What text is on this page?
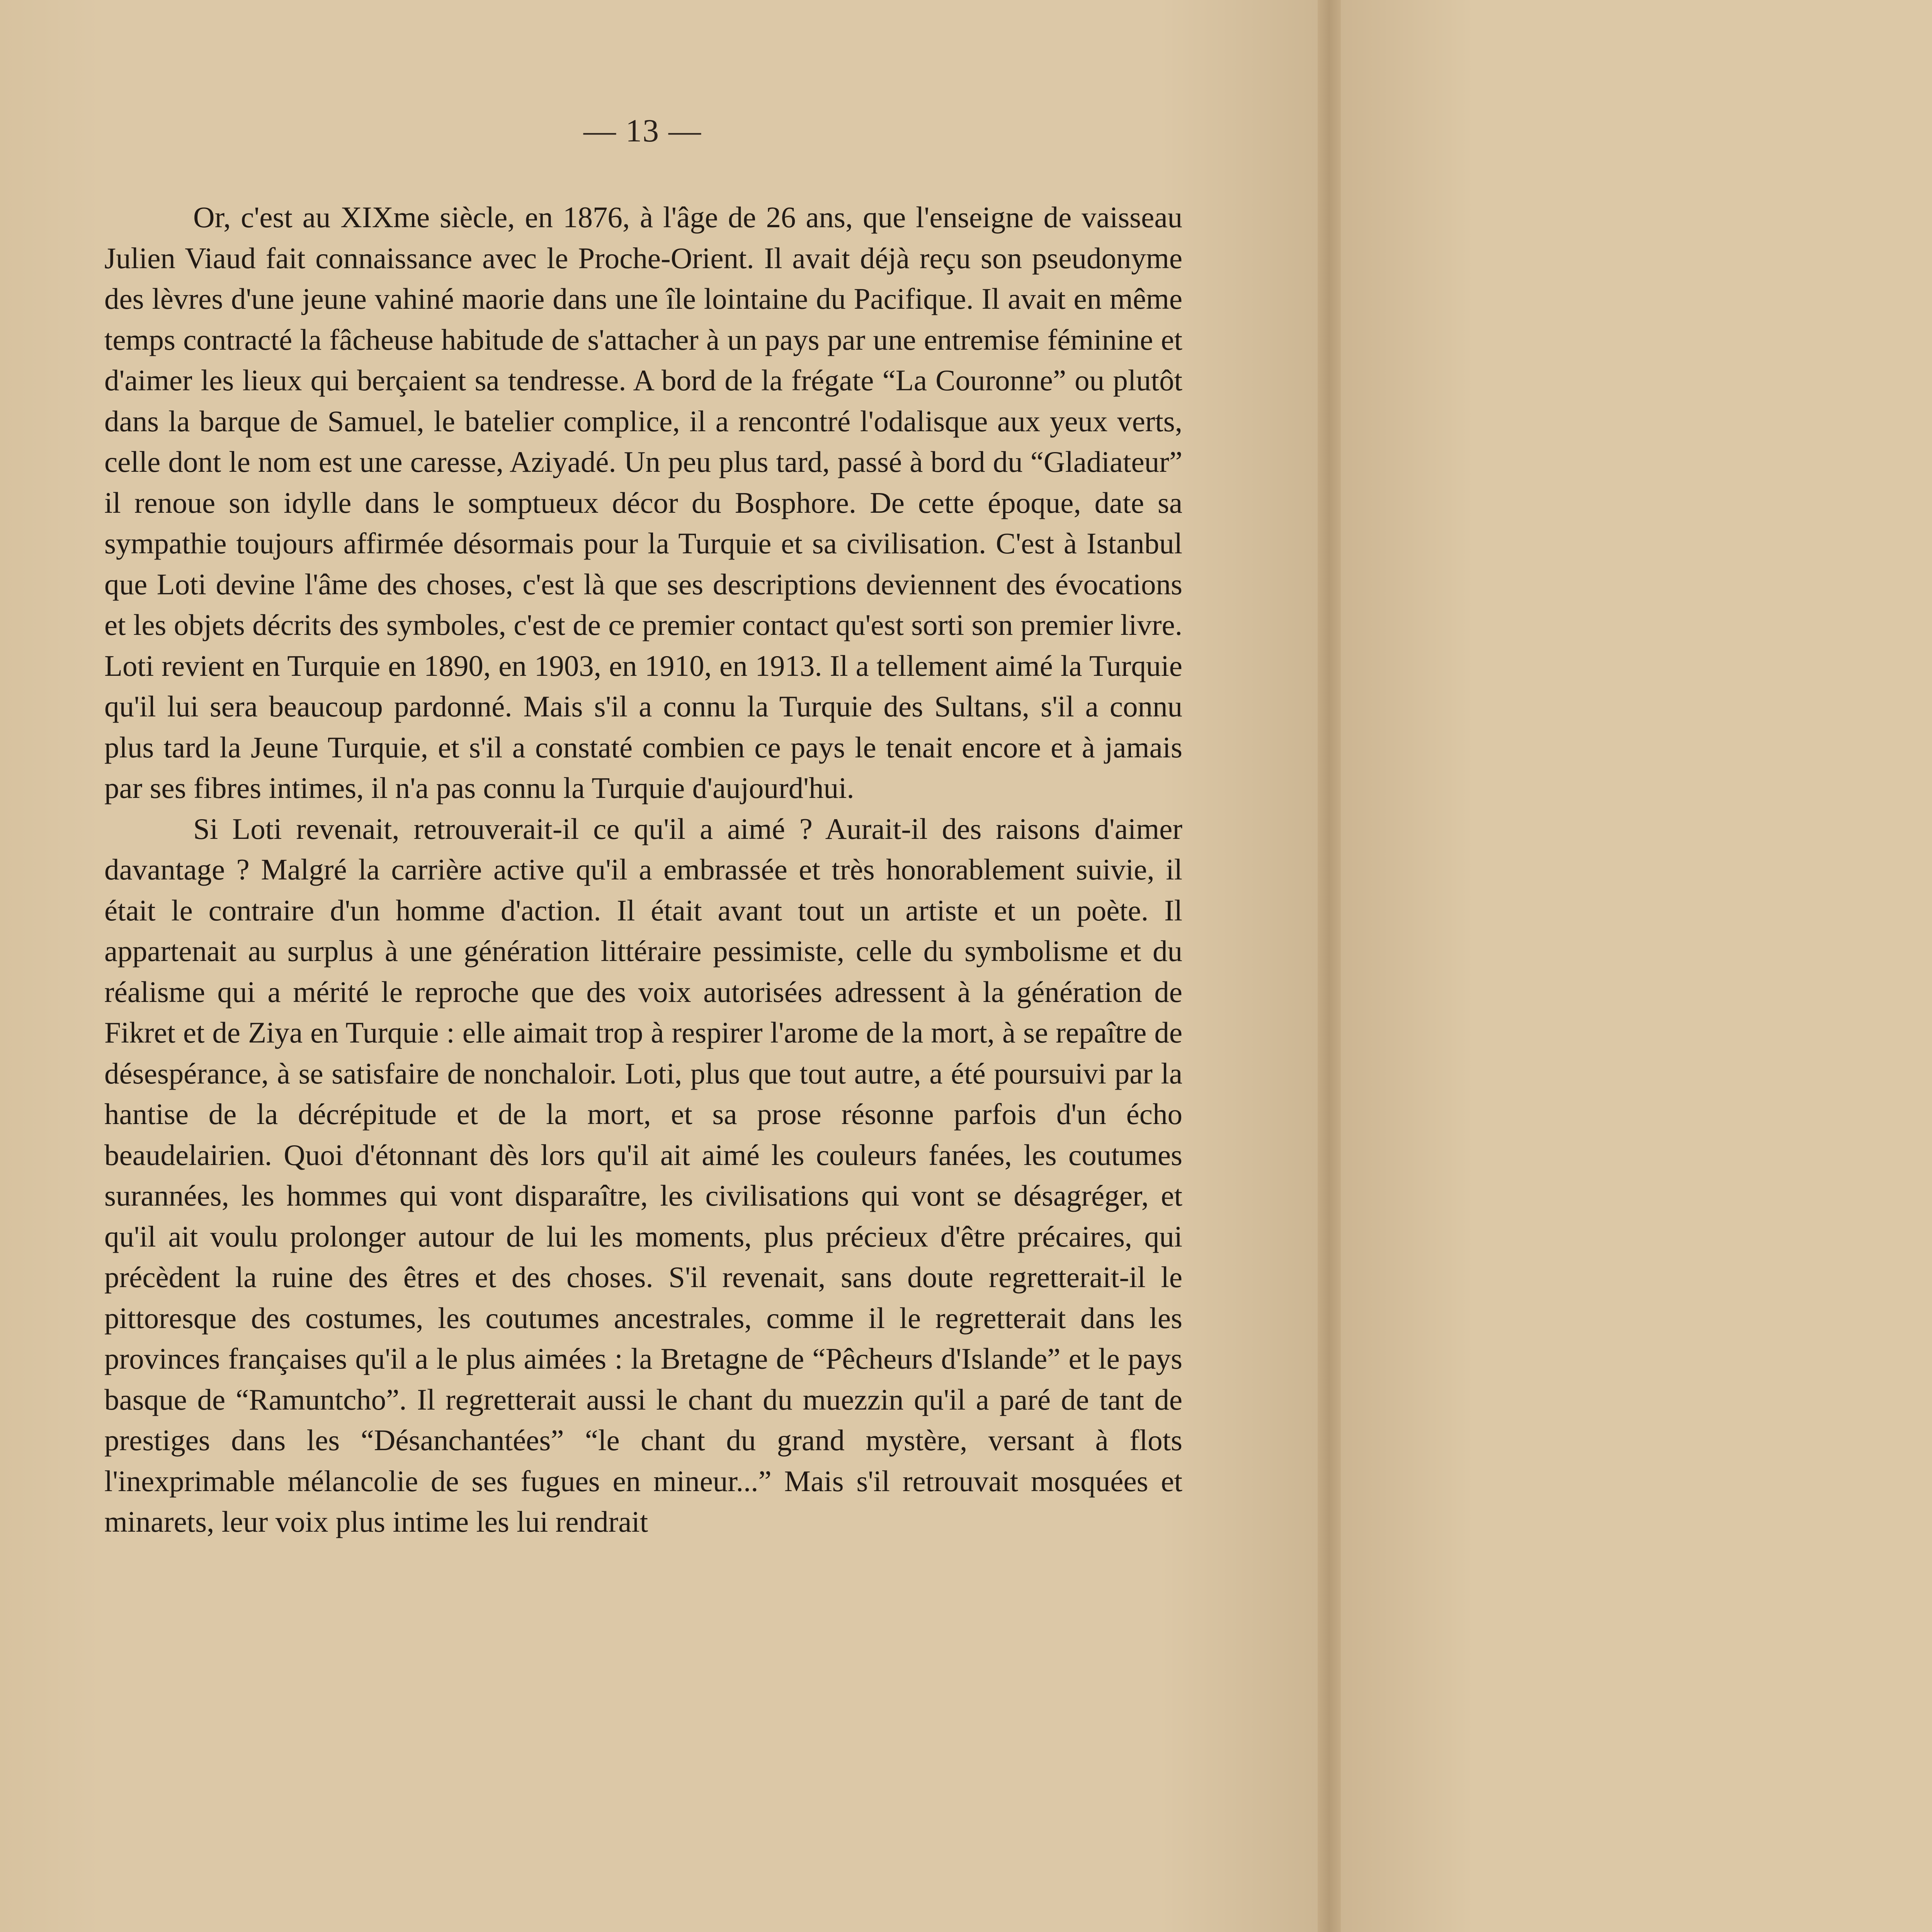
— 13 —

Or, c'est au XIXme siècle, en 1876, à l'âge de 26 ans, que l'enseigne de vaisseau Julien Viaud fait connaissance avec le Proche-Orient. Il avait déjà reçu son pseudonyme des lèvres d'une jeune vahiné maorie dans une île lointaine du Pacifique. Il avait en même temps contracté la fâcheuse habitude de s'attacher à un pays par une entremise féminine et d'aimer les lieux qui berçaient sa tendresse. A bord de la frégate “La Couronne” ou plutôt dans la barque de Samuel, le batelier complice, il a rencontré l'odalisque aux yeux verts, celle dont le nom est une caresse, Aziyadé. Un peu plus tard, passé à bord du “Gladiateur” il renoue son idylle dans le somptueux décor du Bosphore. De cette époque, date sa sympathie toujours affirmée désormais pour la Turquie et sa civilisation. C'est à Istanbul que Loti devine l'âme des choses, c'est là que ses descriptions deviennent des évocations et les objets décrits des symboles, c'est de ce premier contact qu'est sorti son premier livre. Loti revient en Turquie en 1890, en 1903, en 1910, en 1913. Il a tellement aimé la Turquie qu'il lui sera beaucoup pardonné. Mais s'il a connu la Turquie des Sultans, s'il a connu plus tard la Jeune Turquie, et s'il a constaté combien ce pays le tenait encore et à jamais par ses fibres intimes, il n'a pas connu la Turquie d'aujourd'hui.

Si Loti revenait, retrouverait-il ce qu'il a aimé ? Aurait-il des raisons d'aimer davantage ? Malgré la carrière active qu'il a embrassée et très honorablement suivie, il était le contraire d'un homme d'action. Il était avant tout un artiste et un poète. Il appartenait au surplus à une génération littéraire pessimiste, celle du symbolisme et du réalisme qui a mérité le reproche que des voix autorisées adressent à la génération de Fikret et de Ziya en Turquie : elle aimait trop à respirer l'arome de la mort, à se repaître de désespérance, à se satisfaire de nonchaloir. Loti, plus que tout autre, a été poursuivi par la hantise de la décrépitude et de la mort, et sa prose résonne parfois d'un écho beaudelairien. Quoi d'étonnant dès lors qu'il ait aimé les couleurs fanées, les coutumes surannées, les hommes qui vont disparaître, les civilisations qui vont se désagréger, et qu'il ait voulu prolonger autour de lui les moments, plus précieux d'être précaires, qui précèdent la ruine des êtres et des choses. S'il revenait, sans doute regretterait-il le pittoresque des costumes, les coutumes ancestrales, comme il le regretterait dans les provinces françaises qu'il a le plus aimées : la Bretagne de “Pêcheurs d'Islande” et le pays basque de “Ramuntcho”. Il regretterait aussi le chant du muezzin qu'il a paré de tant de prestiges dans les “Désanchantées” “le chant du grand mystère, versant à flots l'inexprimable mélancolie de ses fugues en mineur...” Mais s'il retrouvait mosquées et minarets, leur voix plus intime les lui rendrait
